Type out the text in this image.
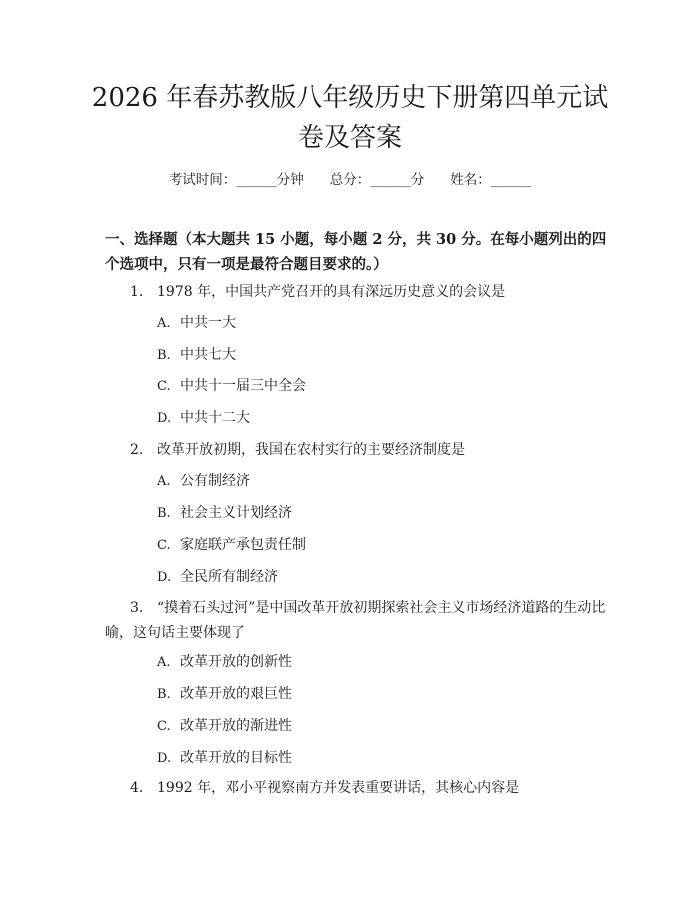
2026 年春苏教版八年级历史下册第四单元试
卷及答案
考试时间：______分钟 总分：______分 姓名：______
一、选择题（本大题共 15 小题，每小题 2 分，共 30 分。在每小题列出的四个选项中，只有一项是最符合题目要求的。）
1. 1978 年，中国共产党召开的具有深远历史意义的会议是
A. 中共一大
B. 中共七大
C. 中共十一届三中全会
D. 中共十二大
2. 改革开放初期，我国在农村实行的主要经济制度是
A. 公有制经济
B. 社会主义计划经济
C. 家庭联产承包责任制
D. 全民所有制经济
3. “摸着石头过河”是中国改革开放初期探索社会主义市场经济道路的生动比喻，这句话主要体现了
A. 改革开放的创新性
B. 改革开放的艰巨性
C. 改革开放的渐进性
D. 改革开放的目标性
4. 1992 年，邓小平视察南方并发表重要讲话，其核心内容是
